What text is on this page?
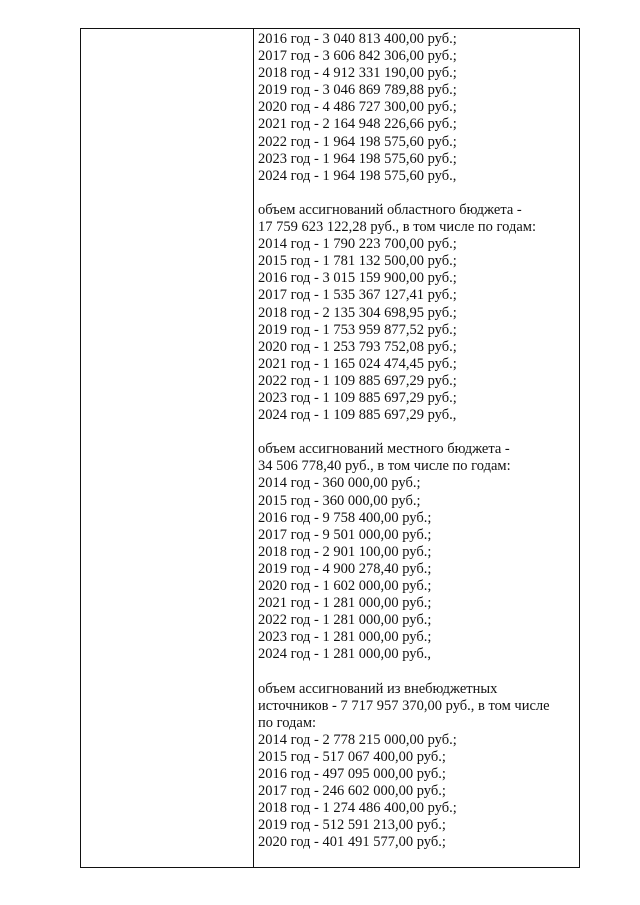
2016 год - 3 040 813 400,00 руб.;
2017 год - 3 606 842 306,00 руб.;
2018 год - 4 912 331 190,00 руб.;
2019 год - 3 046 869 789,88 руб.;
2020 год - 4 486 727 300,00 руб.;
2021 год - 2 164 948 226,66 руб.;
2022 год - 1 964 198 575,60 руб.;
2023 год - 1 964 198 575,60 руб.;
2024 год - 1 964 198 575,60 руб.,
объем ассигнований областного бюджета -
17 759 623 122,28 руб., в том числе по годам:
2014 год - 1 790 223 700,00 руб.;
2015 год - 1 781 132 500,00 руб.;
2016 год - 3 015 159 900,00 руб.;
2017 год - 1 535 367 127,41 руб.;
2018 год - 2 135 304 698,95 руб.;
2019 год - 1 753 959 877,52 руб.;
2020 год - 1 253 793 752,08 руб.;
2021 год - 1 165 024 474,45 руб.;
2022 год - 1 109 885 697,29 руб.;
2023 год - 1 109 885 697,29 руб.;
2024 год - 1 109 885 697,29 руб.,
объем ассигнований местного бюджета -
34 506 778,40 руб., в том числе по годам:
2014 год - 360 000,00 руб.;
2015 год - 360 000,00 руб.;
2016 год - 9 758 400,00 руб.;
2017 год - 9 501 000,00 руб.;
2018 год - 2 901 100,00 руб.;
2019 год - 4 900 278,40 руб.;
2020 год - 1 602 000,00 руб.;
2021 год - 1 281 000,00 руб.;
2022 год - 1 281 000,00 руб.;
2023 год - 1 281 000,00 руб.;
2024 год - 1 281 000,00 руб.,
объем ассигнований из внебюджетных
источников - 7 717 957 370,00 руб., в том числе
по годам:
2014 год - 2 778 215 000,00 руб.;
2015 год - 517 067 400,00 руб.;
2016 год - 497 095 000,00 руб.;
2017 год - 246 602 000,00 руб.;
2018 год - 1 274 486 400,00 руб.;
2019 год - 512 591 213,00 руб.;
2020 год - 401 491 577,00 руб.;
